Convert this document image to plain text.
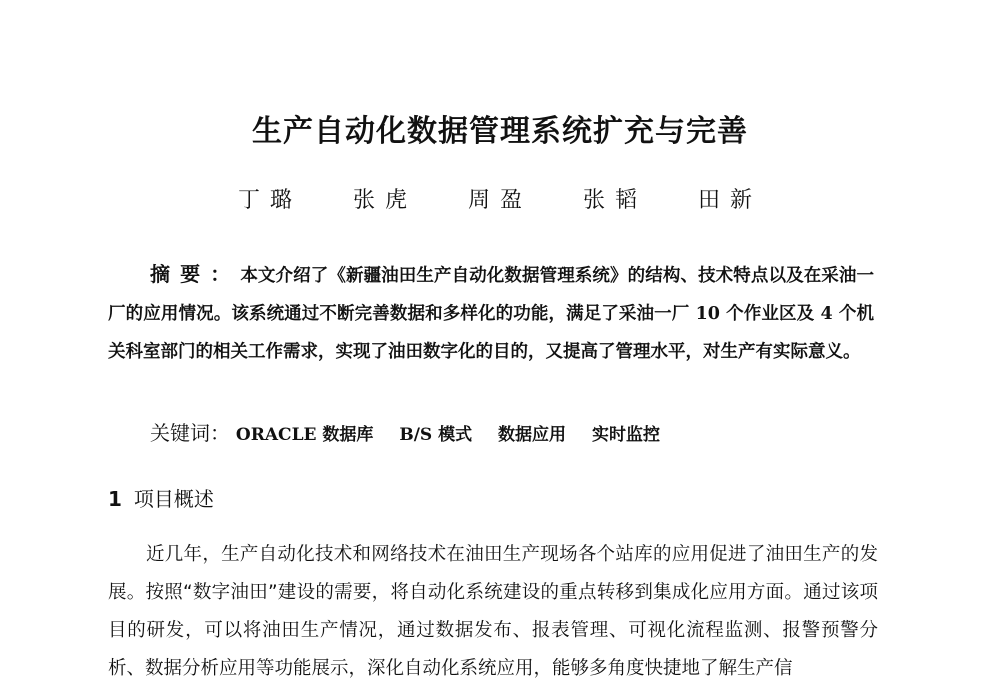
生产自动化数据管理系统扩充与完善
丁璐 张虎 周盈 张韬 田新
摘要：本文介绍了《新疆油田生产自动化数据管理系统》的结构、技术特点以及在采油一厂的应用情况。该系统通过不断完善数据和多样化的功能，满足了采油一厂 10 个作业区及 4 个机关科室部门的相关工作需求，实现了油田数字化的目的，又提高了管理水平，对生产有实际意义。
关键词： ORACLE 数据库 B/S 模式 数据应用 实时监控
1 项目概述
近几年，生产自动化技术和网络技术在油田生产现场各个站库的应用促进了油田生产的发展。按照“数字油田”建设的需要，将自动化系统建设的重点转移到集成化应用方面。通过该项目的研发，可以将油田生产情况，通过数据发布、报表管理、可视化流程监测、报警预警分析、数据分析应用等功能展示，深化自动化系统应用，能够多角度快捷地了解生产信
